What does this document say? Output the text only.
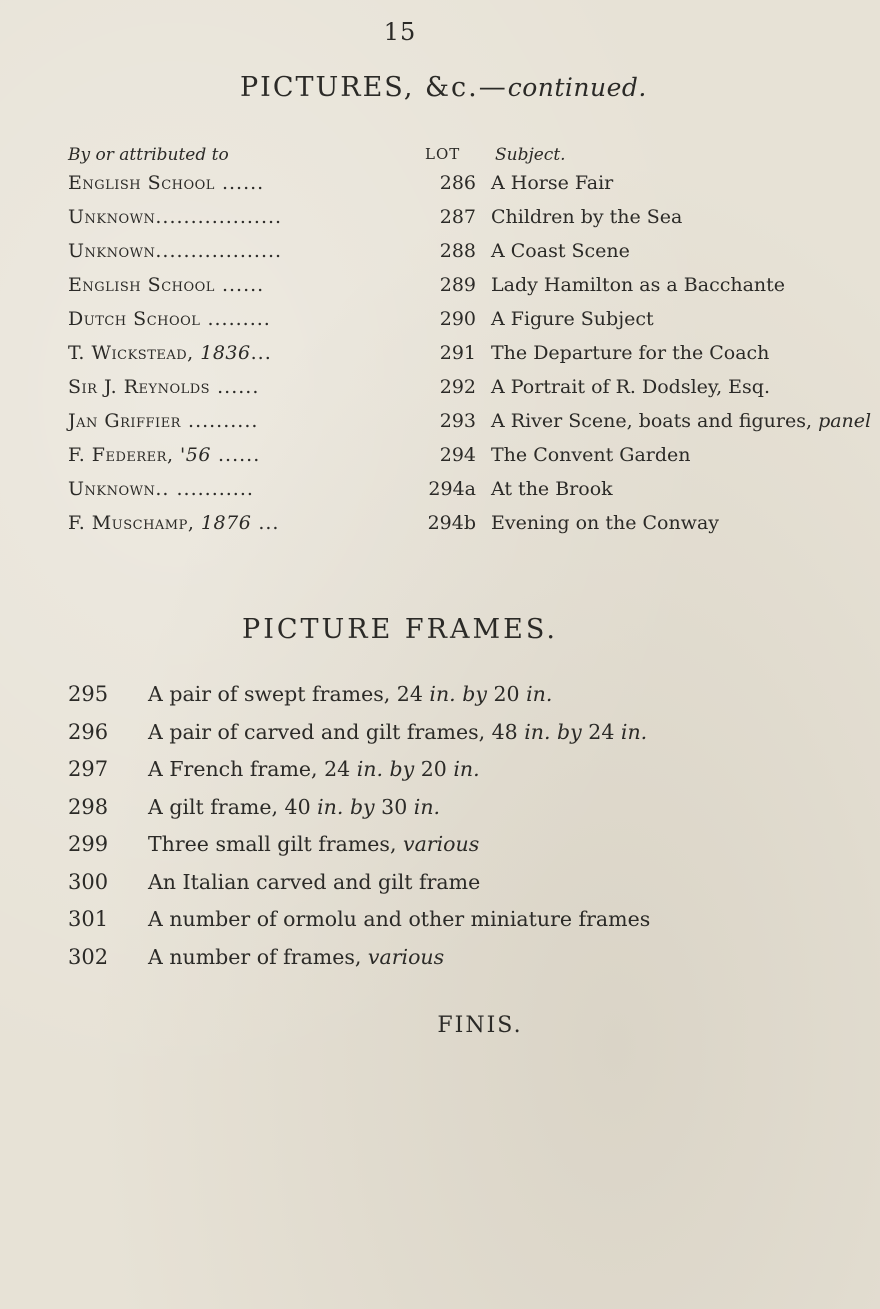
15
PICTURES, &c.—continued.
By or attributed to	LOT Subject.
English School ......	286 A Horse Fair
Unknown..................	287 Children by the Sea
Unknown..................	288 A Coast Scene
English School ......	289 Lady Hamilton as a Bacchante
Dutch School .........	290 A Figure Subject
T. Wickstead, 1836...	291 The Departure for the Coach
Sir J. Reynolds ......	292 A Portrait of R. Dodsley, Esq.
Jan Griffier ..........	293 A River Scene, boats and figures, panel
F. Federer, '56 ......	294 The Convent Garden
Unknown.. ...........	294a At the Brook
F. Muschamp, 1876 ...	294b Evening on the Conway
PICTURE FRAMES.
295 A pair of swept frames, 24 in. by 20 in.
296 A pair of carved and gilt frames, 48 in. by 24 in.
297 A French frame, 24 in. by 20 in.
298 A gilt frame, 40 in. by 30 in.
299 Three small gilt frames, various
300 An Italian carved and gilt frame
301 A number of ormolu and other miniature frames
302 A number of frames, various
FINIS.
